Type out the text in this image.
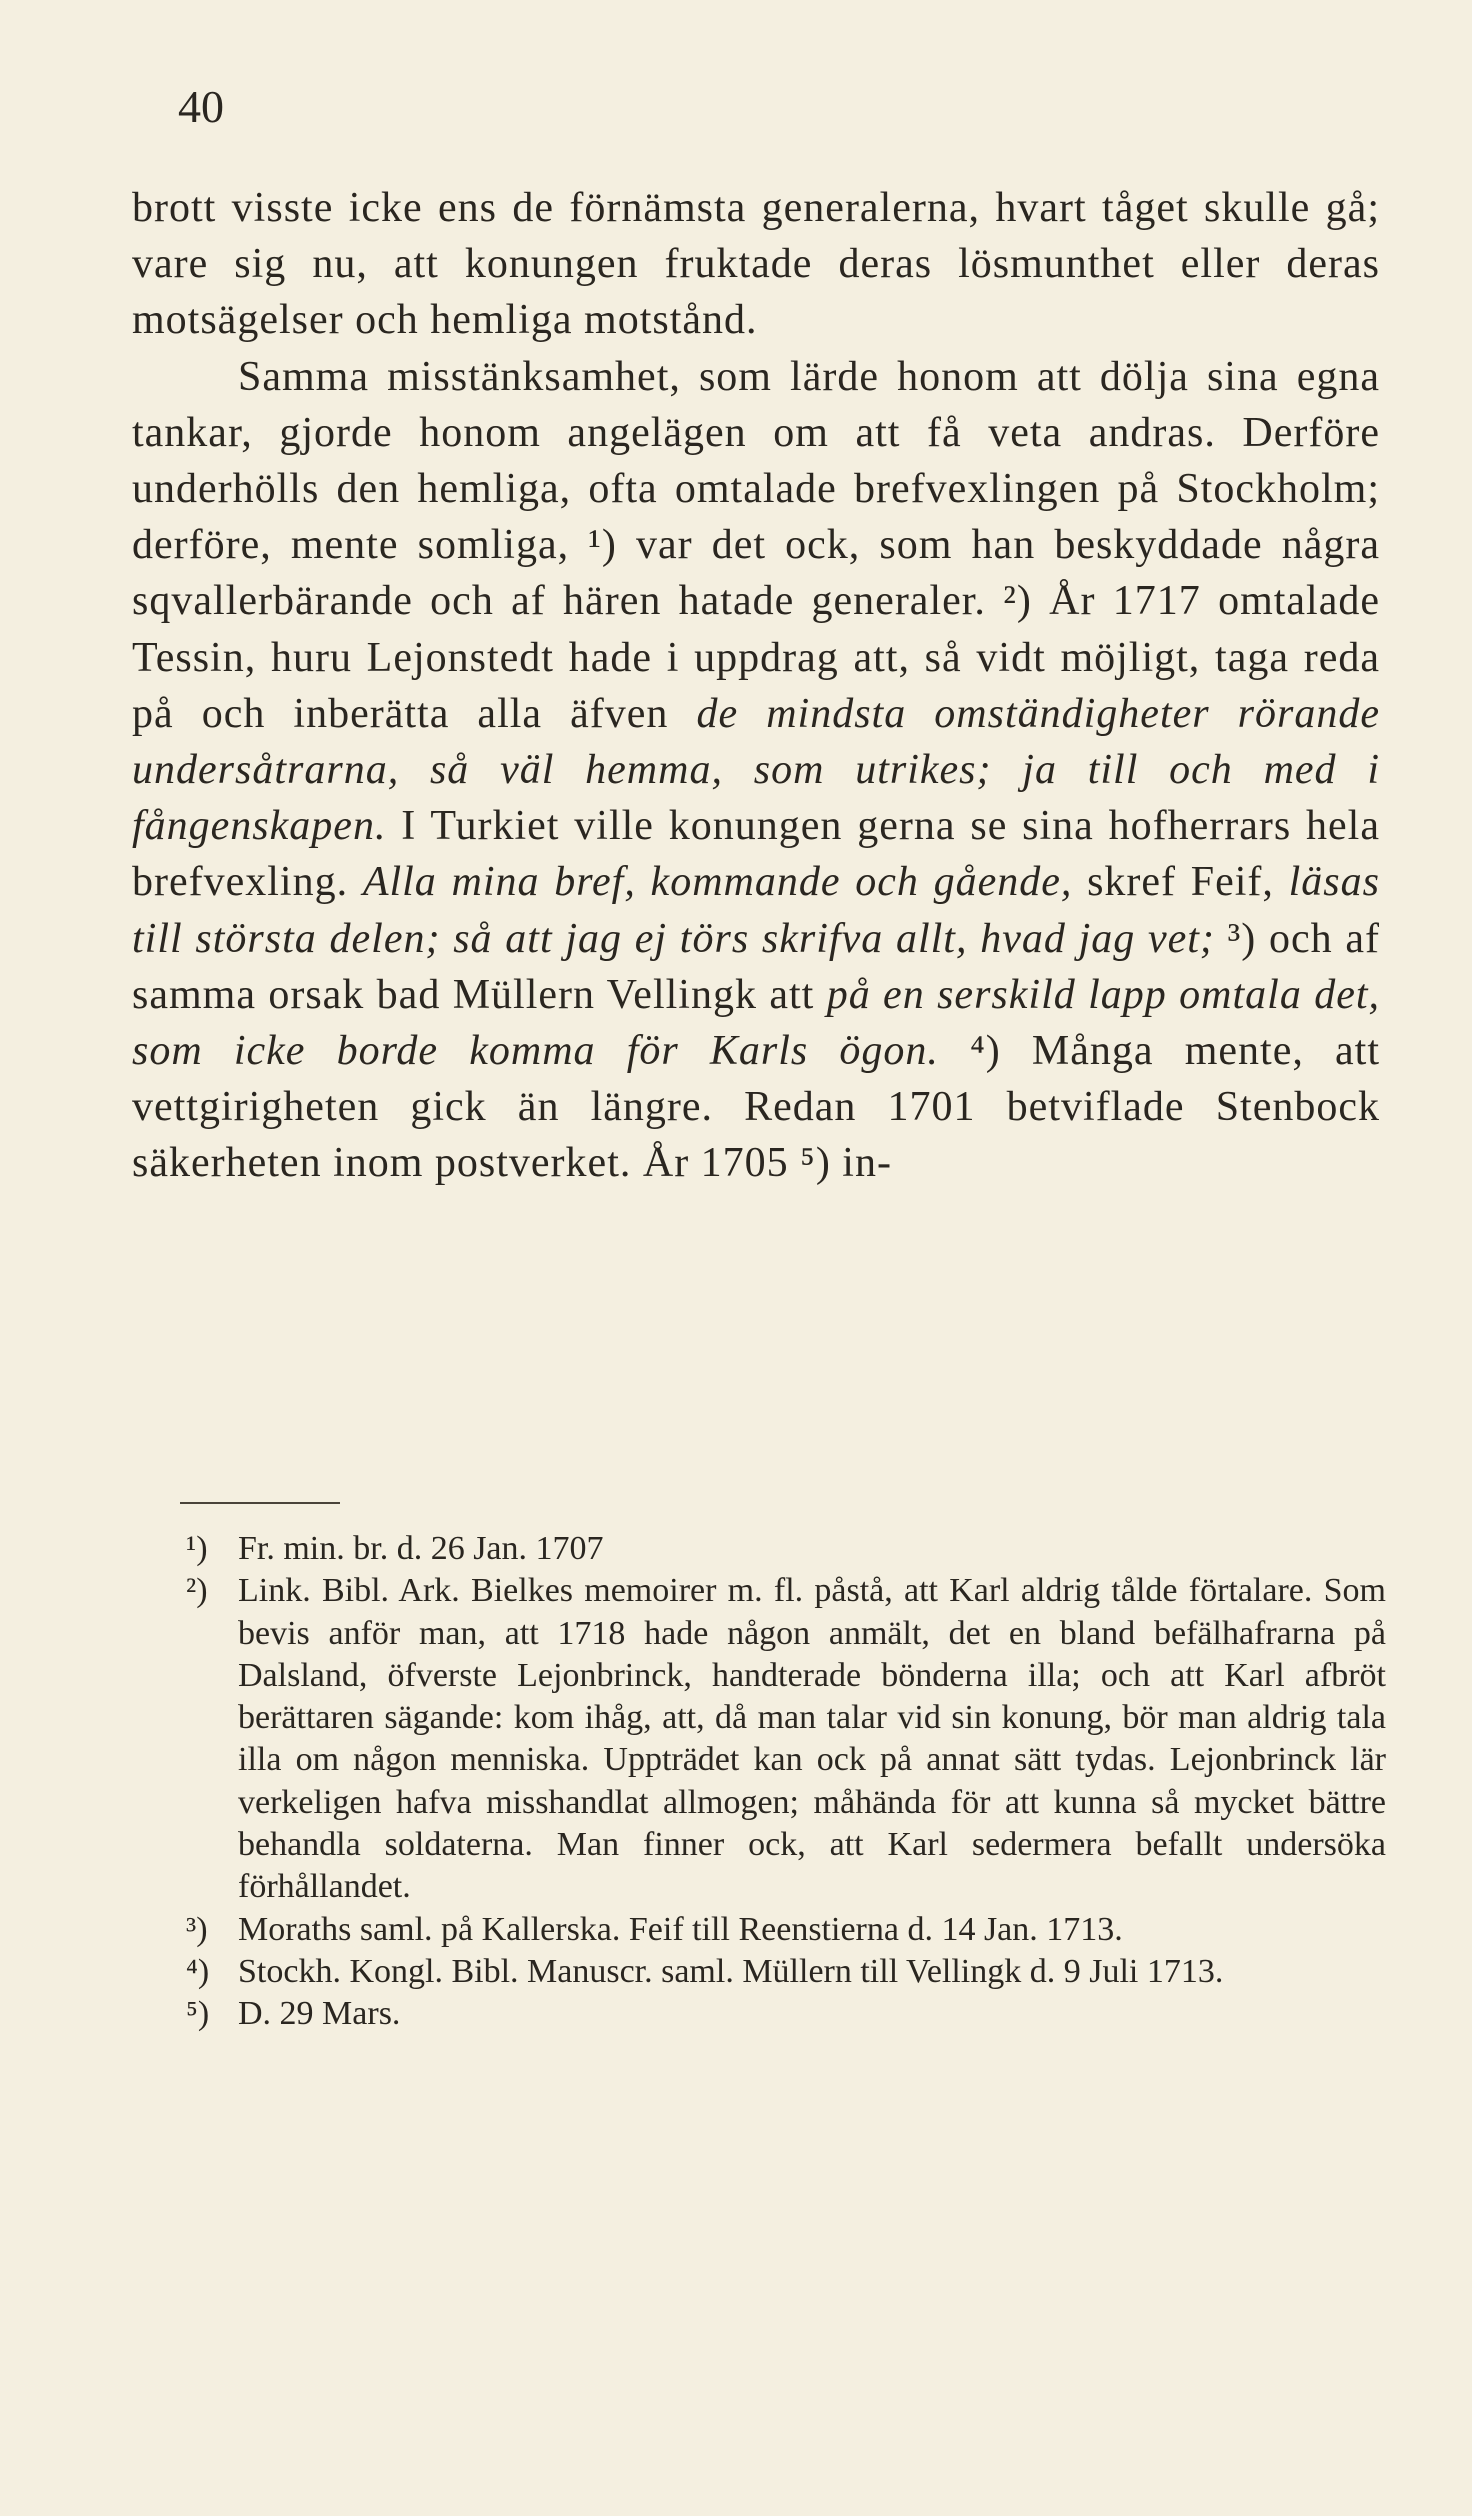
40

brott visste icke ens de förnämsta generalerna, hvart tåget skulle gå; vare sig nu, att konungen fruktade deras lösmunthet eller deras motsägelser och hemliga motstånd.

Samma misstänksamhet, som lärde honom att dölja sina egna tankar, gjorde honom angelägen om att få veta andras. Derföre underhölls den hemliga, ofta omtalade brefvexlingen på Stockholm; derföre, mente somliga, ¹) var det ock, som han beskyddade några sqvallerbärande och af hären hatade generaler. ²) År 1717 omtalade Tessin, huru Lejonstedt hade i uppdrag att, så vidt möjligt, taga reda på och inberätta alla äfven de mindsta omständigheter rörande undersåtrarna, så väl hemma, som utrikes; ja till och med i fångenskapen. I Turkiet ville konungen gerna se sina hofherrars hela brefvexling. Alla mina bref, kommande och gående, skref Feif, läsas till största delen; så att jag ej törs skrifva allt, hvad jag vet; ³) och af samma orsak bad Müllern Vellingk att på en serskild lapp omtala det, som icke borde komma för Karls ögon. ⁴) Många mente, att vettgirigheten gick än längre. Redan 1701 betviflade Stenbock säkerheten inom postverket. År 1705 ⁵) in-

¹) Fr. min. br. d. 26 Jan. 1707
²) Link. Bibl. Ark. Bielkes memoirer m. fl. påstå, att Karl aldrig tålde förtalare. Som bevis anför man, att 1718 hade någon anmält, det en bland befälhafrarna på Dalsland, öfverste Lejonbrinck, handterade bönderna illa; och att Karl afbröt berättaren sägande: kom ihåg, att, då man talar vid sin konung, bör man aldrig tala illa om någon menniska. Uppträdet kan ock på annat sätt tydas. Lejonbrinck lär verkeligen hafva misshandlat allmogen; måhända för att kunna så mycket bättre behandla soldaterna. Man finner ock, att Karl sedermera befallt undersöka förhållandet.
³) Moraths saml. på Kallerska. Feif till Reenstierna d. 14 Jan. 1713.
⁴) Stockh. Kongl. Bibl. Manuscr. saml. Müllern till Vellingk d. 9 Juli 1713.
⁵) D. 29 Mars.
